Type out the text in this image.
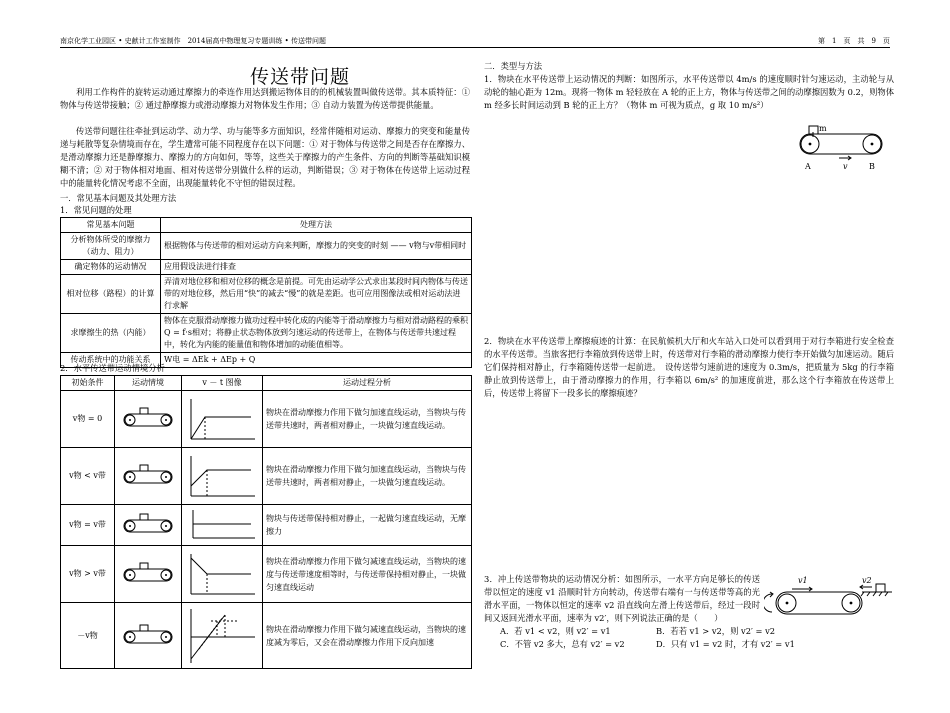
南京化学工业园区 • 史献计工作室制作　2014届高中物理复习专题训练 • 传送带问题	第　1　页　共　9　页
传送带问题
利用工作构件的旋转运动通过摩擦力的牵连作用达到搬运物体目的的机械装置叫做传送带。其本质特征：① 物体与传送带接触；② 通过静摩擦力或滑动摩擦力对物体发生作用；③ 自动力装置为传送带提供能量。
传送带问题往往牵扯到运动学、动力学、功与能等多方面知识，经常伴随相对运动、摩擦力的突变和能量传递与耗散等复杂情境而存在，学生遭常可能不同程度存在以下问题：① 对于物体与传送带之间是否存在摩擦力、是滑动摩擦力还是静摩擦力、摩擦力的方向如何，等等，这些关于摩擦力的产生条件、方向的判断等基础知识模糊不清；② 对于物体相对地面、相对传送带分别做什么样的运动，判断错误；③ 对于物体在传送带上运动过程中的能量转化情况考虑不全面，出现能量转化不守恒的错误过程。
一．常见基本问题及其处理方法
1．常见问题的处理
常见基本问题	处理方法
分析物体所受的摩擦力（动力、阻力）	根据物体与传送带的相对运动方向来判断，摩擦力的突变的时刻 —— v物与v带相同时
确定物体的运动情况	应用假设法进行排查
相对位移（路程）的计算	弄清对地位移和相对位移的概念是前提。可先由运动学公式求出某段时间内物体与传送带的对地位移，然后用“快”的减去“慢”的就是差距。也可应用图像法或相对运动法进行求解
求摩擦生的热（内能）	物体在克服滑动摩擦力做功过程中转化成的内能等于滑动摩擦力与相对滑动路程的乘积 Q = f·s相对；将静止状态物体放到匀速运动的传送带上，在物体与传送带共速过程中，转化为内能的能量值和物体增加的动能值相等。
传动系统中的功能关系	W电 = ΔEk + ΔEp + Q
2．水平传送带运动情境分析
初始条件	运动情境	v － t 图像	运动过程分析
v物 = 0			物块在滑动摩擦力作用下做匀加速直线运动，当物块与传送带共速时，两者相对静止，一块做匀速直线运动。
v物 < v带			物块在滑动摩擦力作用下做匀加速直线运动，当物块与传送带共速时，两者相对静止，一块做匀速直线运动。
v物 = v带			物块与传送带保持相对静止，一起做匀速直线运动，无摩擦力
v物 > v带			物块在滑动摩擦力作用下做匀减速直线运动，当物块的速度与传送带速度相等时，与传送带保持相对静止，一块做匀速直线运动
－v物			物块在滑动摩擦力作用下做匀减速直线运动，当物块的速度减为零后，又会在滑动摩擦力作用下反向加速
二．类型与方法
1．物块在水平传送带上运动情况的判断：如图所示，水平传送带以 4m/s 的速度顺时针匀速运动，主动轮与从动轮的轴心距为 12m。现将一物体 m 轻轻放在 A 轮的正上方，物体与传送带之间的动摩擦因数为 0.2，则物体 m 经多长时间运动到 B 轮的正上方？（物体 m 可视为质点，g 取 10 m/s²）
m
A	v	B
2．物块在水平传送带上摩擦痕迹的计算：在民航候机大厅和火车站入口处可以看到用于对行李箱进行安全检查的水平传送带。当旅客把行李箱放到传送带上时，传送带对行李箱的滑动摩擦力使行李开始做匀加速运动。随后它们保持相对静止，行李箱随传送带一起前进。　设传送带匀速前进的速度为 0.3m/s，把质量为 5kg 的行李箱静止放到传送带上，由于滑动摩擦力的作用，行李箱以 6m/s² 的加速度前进，那么这个行李箱放在传送带上后，传送带上将留下一段多长的摩擦痕迹？
3．冲上传送带物块的运动情况分析：如图所示，一水平方向足够长的传送带以恒定的速度 v1 沿顺时针方向转动，传送带右端有一与传送带等高的光滑水平面，一物体以恒定的速率 v2 沿直线向左滑上传送带后，经过一段时间又返回光滑水平面，速率为 v2′，则下列说法正确的是（　　）
v1	v2
A．若 v1 < v2，则 v2′ = v1	B．若若 v1 > v2，则 v2′ = v2
C．不管 v2 多大，总有 v2′ = v2	D．只有 v1 = v2 时，才有 v2′ = v1
